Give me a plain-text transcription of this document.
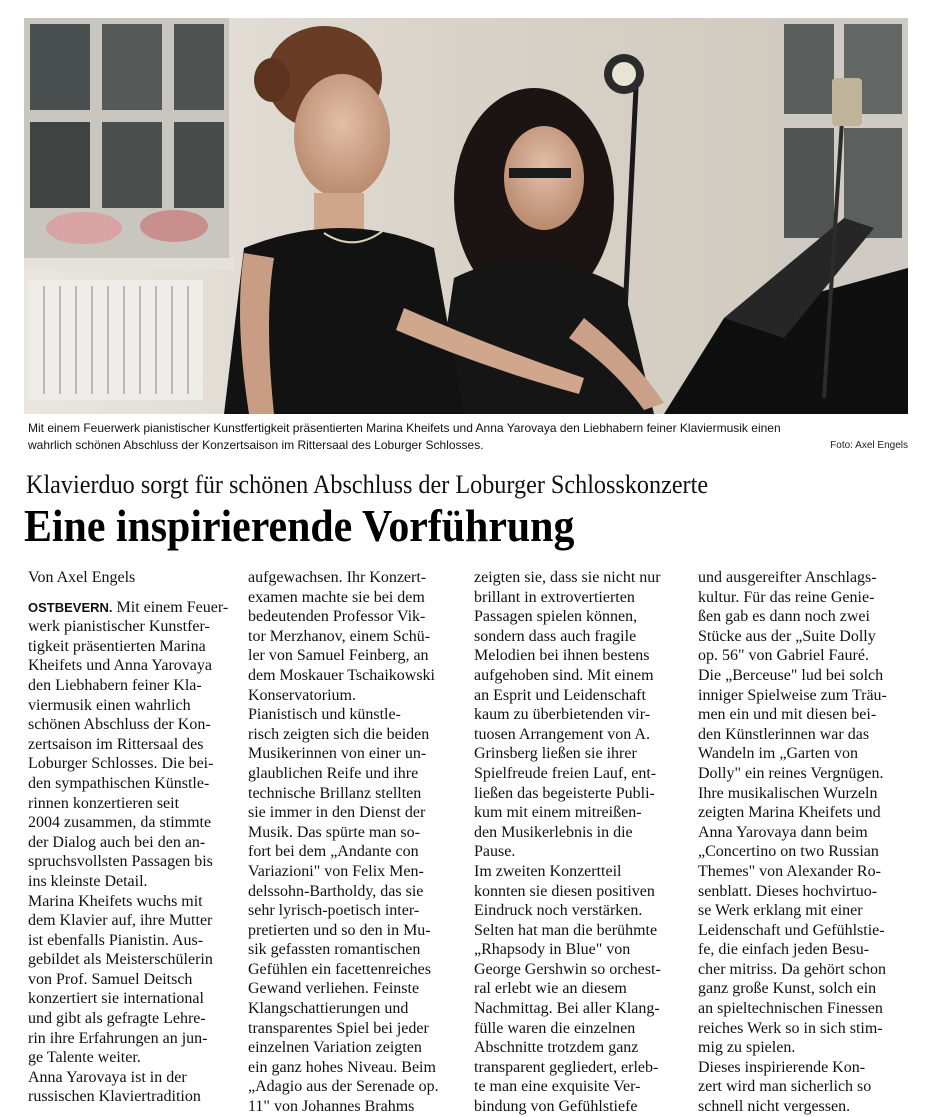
Mit einem Feuerwerk pianistischer Kunstfertigkeit präsentierten Marina Kheifets und Anna Yarovaya den Liebhabern feiner Klaviermusik einen
wahrlich schönen Abschluss der Konzertsaison im Rittersaal des Loburger Schlosses.	Foto: Axel Engels
Klavierduo sorgt für schönen Abschluss der Loburger Schlosskonzerte
Eine inspirierende Vorführung
Von Axel Engels
OSTBEVERN. Mit einem Feuer-
werk pianistischer Kunstfer-
tigkeit präsentierten Marina
Kheifets und Anna Yarovaya
den Liebhabern feiner Kla-
viermusik einen wahrlich
schönen Abschluss der Kon-
zertsaison im Rittersaal des
Loburger Schlosses. Die bei-
den sympathischen Künstle-
rinnen konzertieren seit
2004 zusammen, da stimmte
der Dialog auch bei den an-
spruchsvollsten Passagen bis
ins kleinste Detail.
Marina Kheifets wuchs mit
dem Klavier auf, ihre Mutter
ist ebenfalls Pianistin. Aus-
gebildet als Meisterschülerin
von Prof. Samuel Deitsch
konzertiert sie international
und gibt als gefragte Lehre-
rin ihre Erfahrungen an jun-
ge Talente weiter.
Anna Yarovaya ist in der
russischen Klaviertradition
aufgewachsen. Ihr Konzert-
examen machte sie bei dem
bedeutenden Professor Vik-
tor Merzhanov, einem Schü-
ler von Samuel Feinberg, an
dem Moskauer Tschaikowski
Konservatorium.
Pianistisch und künstle-
risch zeigten sich die beiden
Musikerinnen von einer un-
glaublichen Reife und ihre
technische Brillanz stellten
sie immer in den Dienst der
Musik. Das spürte man so-
fort bei dem „Andante con
Variazioni" von Felix Men-
delssohn-Bartholdy, das sie
sehr lyrisch-poetisch inter-
pretierten und so den in Mu-
sik gefassten romantischen
Gefühlen ein facettenreiches
Gewand verliehen. Feinste
Klangschattierungen und
transparentes Spiel bei jeder
einzelnen Variation zeigten
ein ganz hohes Niveau. Beim
„Adagio aus der Serenade op.
11" von Johannes Brahms
zeigten sie, dass sie nicht nur
brillant in extrovertierten
Passagen spielen können,
sondern dass auch fragile
Melodien bei ihnen bestens
aufgehoben sind. Mit einem
an Esprit und Leidenschaft
kaum zu überbietenden vir-
tuosen Arrangement von A.
Grinsberg ließen sie ihrer
Spielfreude freien Lauf, ent-
ließen das begeisterte Publi-
kum mit einem mitreißen-
den Musikerlebnis in die
Pause.
Im zweiten Konzertteil
konnten sie diesen positiven
Eindruck noch verstärken.
Selten hat man die berühmte
„Rhapsody in Blue" von
George Gershwin so orchest-
ral erlebt wie an diesem
Nachmittag. Bei aller Klang-
fülle waren die einzelnen
Abschnitte trotzdem ganz
transparent gegliedert, erleb-
te man eine exquisite Ver-
bindung von Gefühlstiefe
und ausgereifter Anschlags-
kultur. Für das reine Genie-
ßen gab es dann noch zwei
Stücke aus der „Suite Dolly
op. 56" von Gabriel Fauré.
Die „Berceuse" lud bei solch
inniger Spielweise zum Träu-
men ein und mit diesen bei-
den Künstlerinnen war das
Wandeln im „Garten von
Dolly" ein reines Vergnügen.
Ihre musikalischen Wurzeln
zeigten Marina Kheifets und
Anna Yarovaya dann beim
„Concertino on two Russian
Themes" von Alexander Ro-
senblatt. Dieses hochvirtuo-
se Werk erklang mit einer
Leidenschaft und Gefühlstie-
fe, die einfach jeden Besu-
cher mitriss. Da gehört schon
ganz große Kunst, solch ein
an spieltechnischen Finessen
reiches Werk so in sich stim-
mig zu spielen.
Dieses inspirierende Kon-
zert wird man sicherlich so
schnell nicht vergessen.
